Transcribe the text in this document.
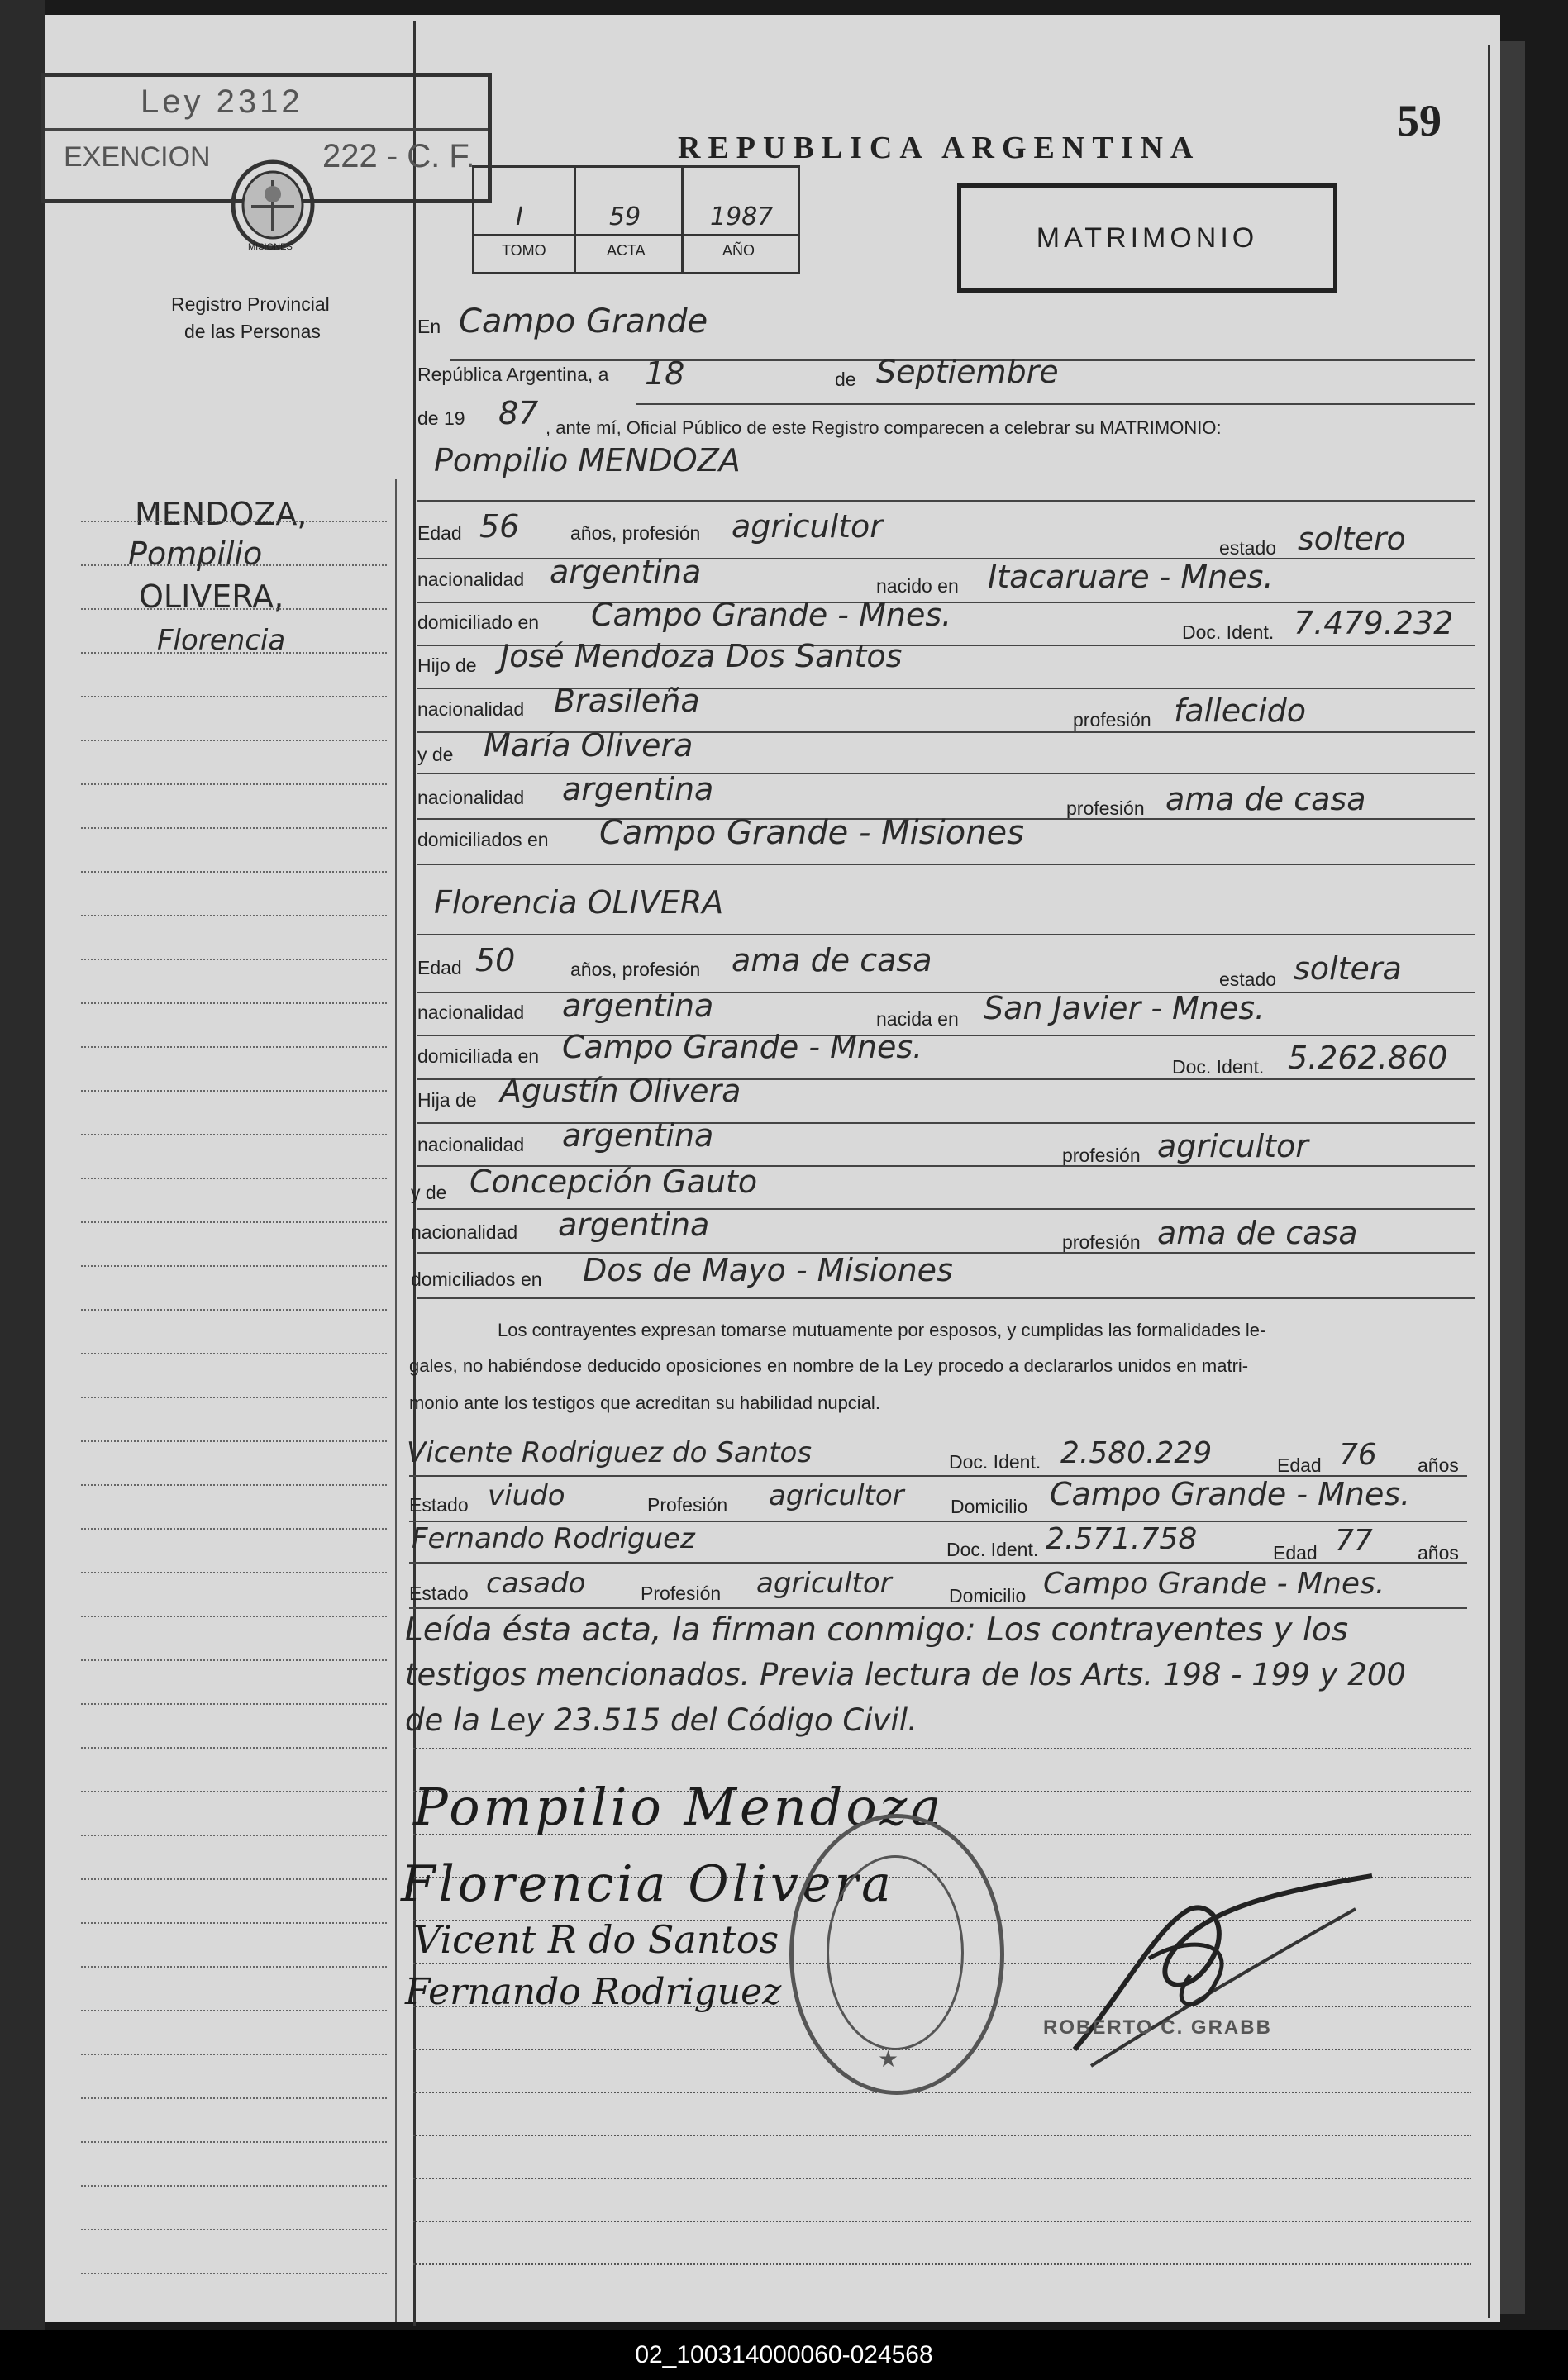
Ley 2312
EXENCION	222 - C. F.
MISIONES
Registro Provincial
de las Personas
REPUBLICA ARGENTINA
59
I	59	1987
TOMO	ACTA	AÑO	MATRIMONIO
MENDOZA,
Pompilio
OLIVERA,
Florencia
En Campo Grande
República Argentina, a 18	de Septiembre
de 19 87 , ante mí, Oficial Público de este Registro comparecen a celebrar su MATRIMONIO:
Pompilio MENDOZA
Edad 56	años, profesión agricultor
estado soltero
nacionalidad argentina	nacido en Itacaruare - Mnes.
domiciliado en Campo Grande - Mnes.	Doc. Ident. 7.479.232
Hijo de José Mendoza Dos Santos
nacionalidad Brasileña
profesión fallecido
y de María Olivera
nacionalidad argentina
profesión ama de casa
domiciliados en Campo Grande - Misiones
Florencia OLIVERA
Edad 50	años, profesión ama de casa
estado soltera
nacionalidad argentina	nacida en San Javier - Mnes.
domiciliada en Campo Grande - Mnes.
Doc. Ident. 5.262.860
Hija de Agustín Olivera
nacionalidad argentina
profesión agricultor
y de Concepción Gauto
nacionalidad argentina	profesión ama de casa
domiciliados en Dos de Mayo - Misiones
Los contrayentes expresan tomarse mutuamente por esposos, y cumplidas las formalidades le-
gales, no habiéndose deducido oposiciones en nombre de la Ley procedo a declararlos unidos en matri-
monio ante los testigos que acreditan su habilidad nupcial.
Vicente Rodriguez do Santos	Doc. Ident. 2.580.229	Edad 76 años
Estado viudo	Profesión agricultor Domicilio Campo Grande - Mnes.
Fernando Rodriguez	Doc. Ident. 2.571.758	Edad 77 años
Estado casado	Profesión agricultor	Domicilio Campo Grande - Mnes.
Leída ésta acta, la firman conmigo: Los contrayentes y los
testigos mencionados. Previa lectura de los Arts. 198 - 199 y 200
de la Ley 23.515 del Código Civil.
Pompilio Mendoza
Florencia Olivera
Vicent R do Santos
Fernando Rodriguez
★
ROBERTO C. GRABB
02_100314000060-024568
